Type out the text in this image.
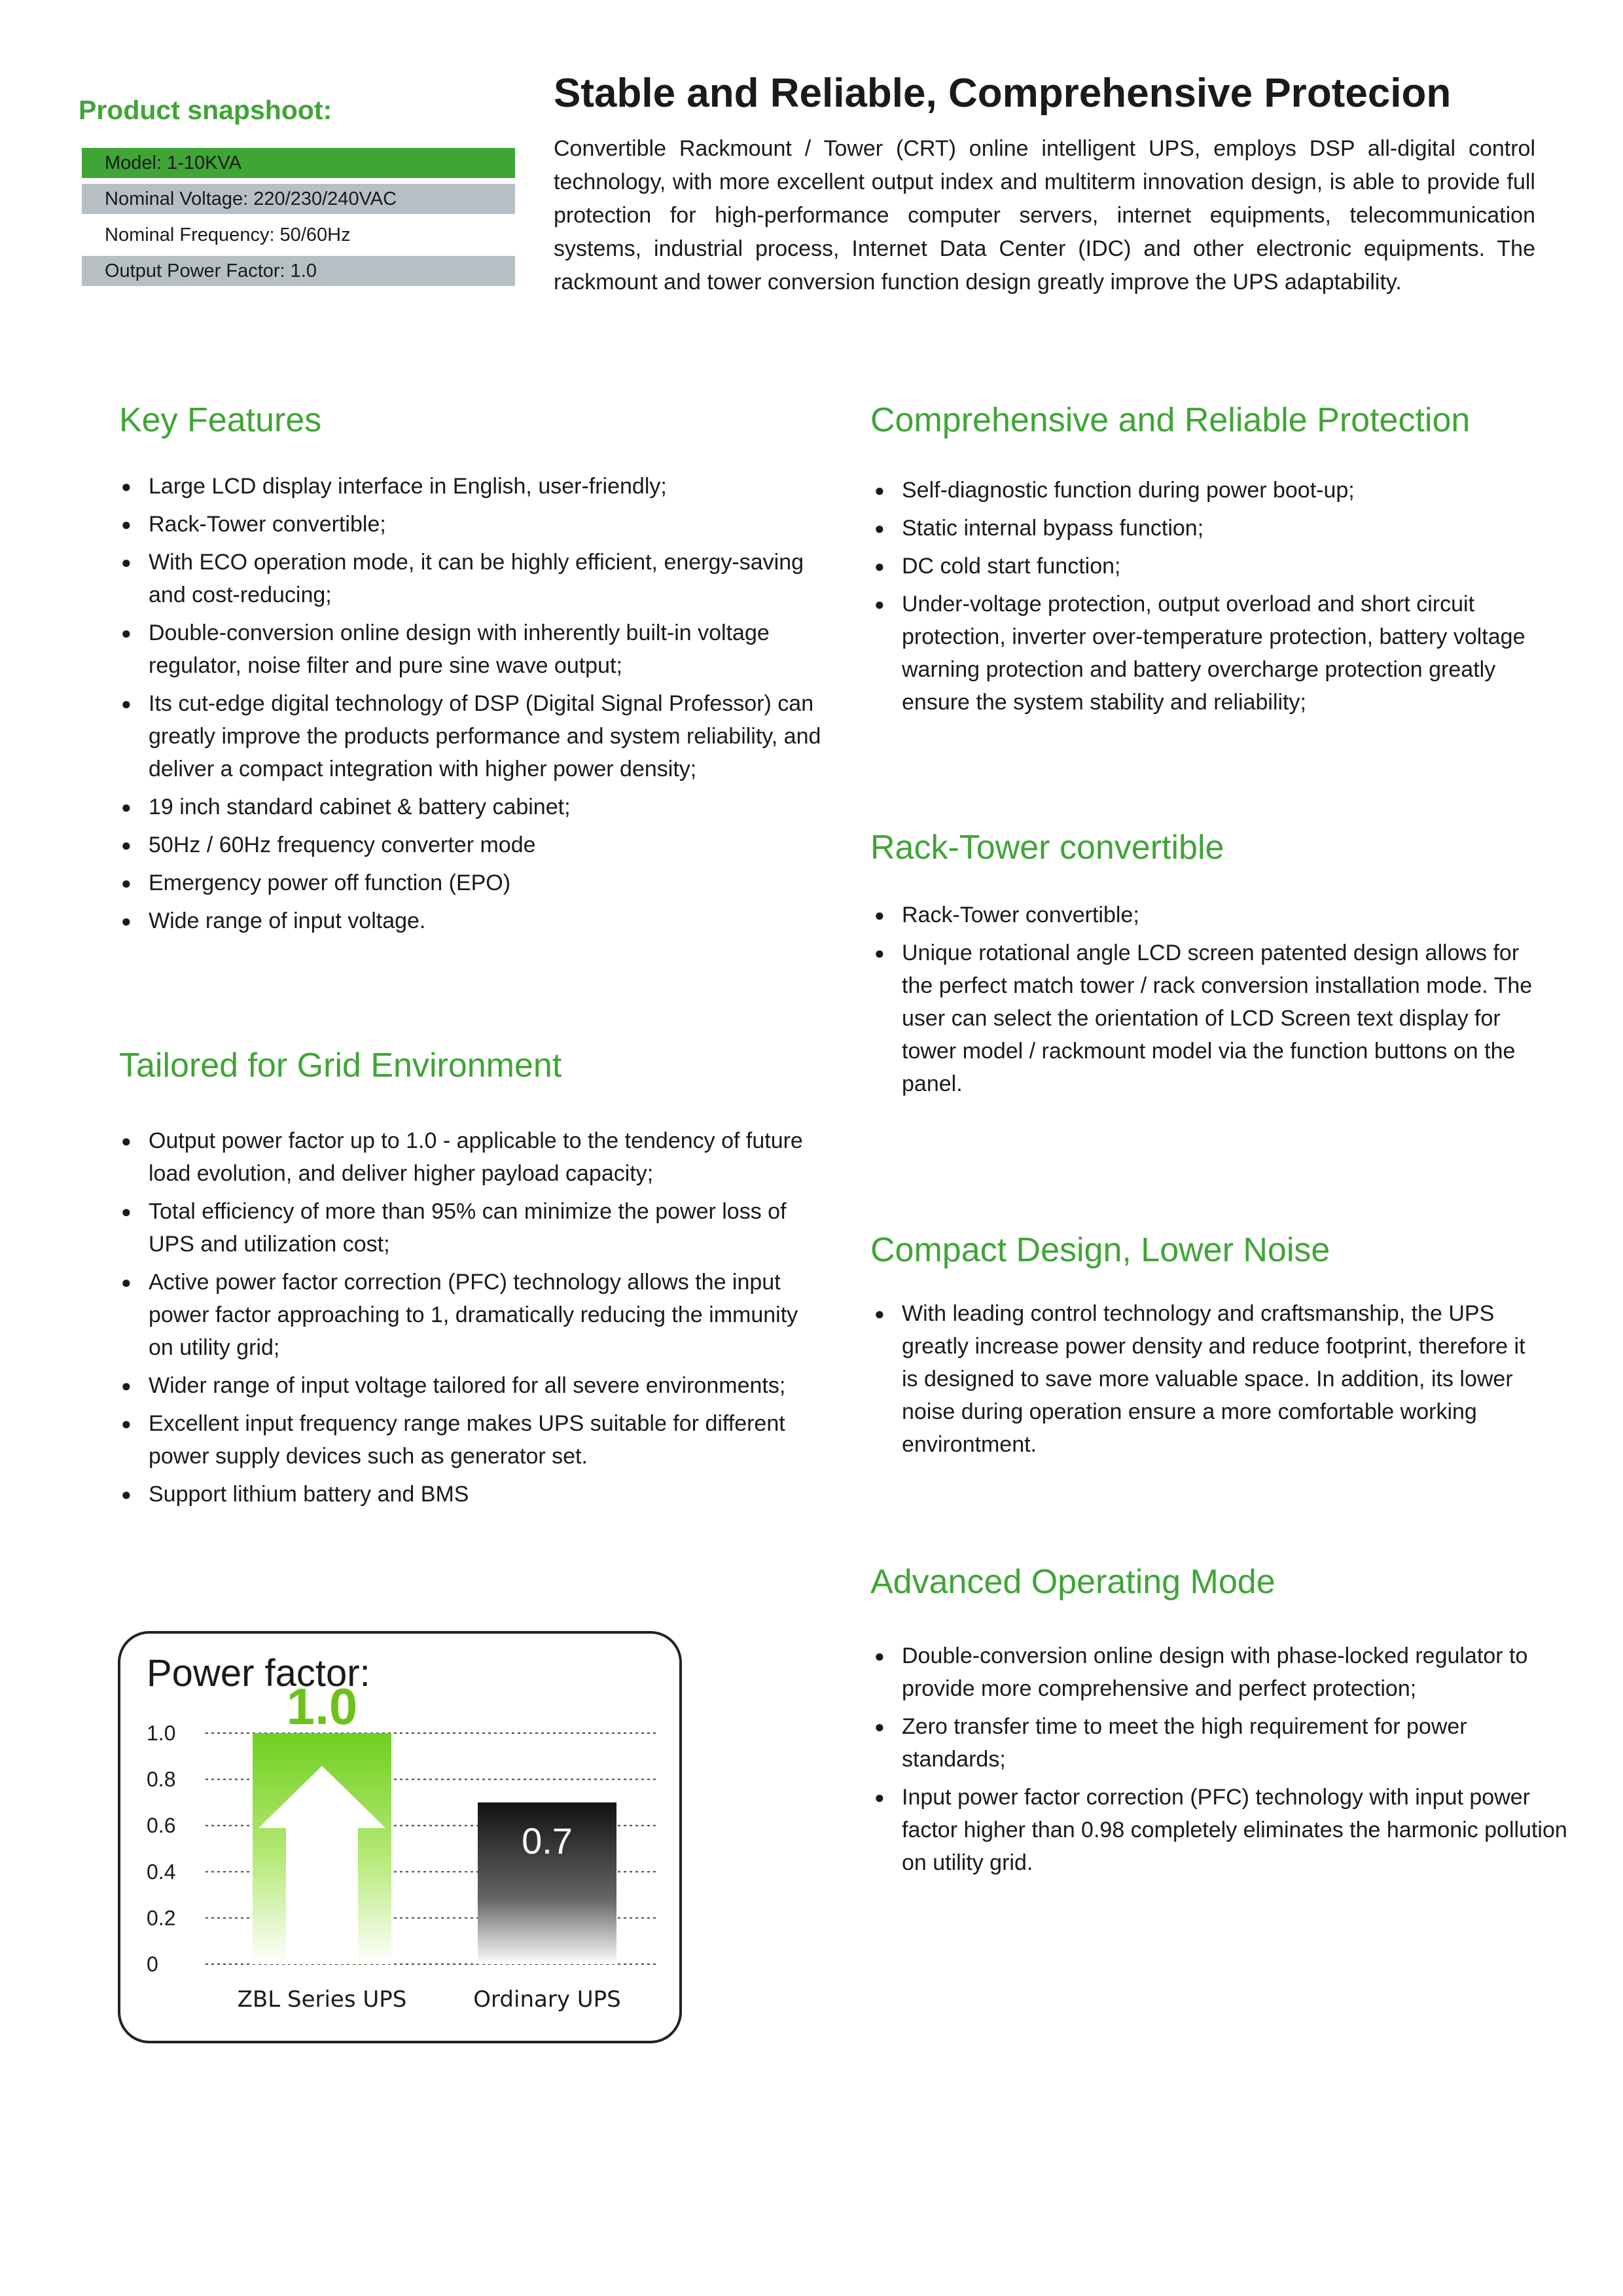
Product snapshoot:
Model: 1-10KVA
Nominal Voltage: 220/230/240VAC
Nominal Frequency: 50/60Hz
Output Power Factor: 1.0
Stable and Reliable, Comprehensive Protecion
Convertible Rackmount / Tower (CRT) online intelligent UPS, employs DSP all-digital control technology, with more excellent output index and multiterm innovation design, is able to provide full protection for high-performance computer servers, internet equipments, telecommunication systems, industrial process, Internet Data Center (IDC) and other electronic equipments. The rackmount and tower conversion function design greatly improve the UPS adaptability.
Key Features
● Large LCD display interface in English, user-friendly;
● Rack-Tower convertible;
● With ECO operation mode, it can be highly efficient, energy-saving and cost-reducing;
● Double-conversion online design with inherently built-in voltage regulator, noise filter and pure sine wave output;
● Its cut-edge digital technology of DSP (Digital Signal Professor) can greatly improve the products performance and system reliability, and deliver a compact integration with higher power density;
● 19 inch standard cabinet & battery cabinet;
● 50Hz / 60Hz frequency converter mode
● Emergency power off function (EPO)
● Wide range of input voltage.
Tailored for Grid Environment
● Output power factor up to 1.0 - applicable to the tendency of future load evolution, and deliver higher payload capacity;
● Total efficiency of more than 95% can minimize the power loss of UPS and utilization cost;
● Active power factor correction (PFC) technology allows the input power factor approaching to 1, dramatically reducing the immunity on utility grid;
● Wider range of input voltage tailored for all severe environments;
● Excellent input frequency range makes UPS suitable for different power supply devices such as generator set.
● Support lithium battery and BMS
Comprehensive and Reliable Protection
● Self-diagnostic function during power boot-up;
● Static internal bypass function;
● DC cold start function;
● Under-voltage protection, output overload and short circuit protection, inverter over-temperature protection, battery voltage warning protection and battery overcharge protection greatly ensure the system stability and reliability;
Rack-Tower convertible
● Rack-Tower convertible;
● Unique rotational angle LCD screen patented design allows for the perfect match tower / rack conversion installation mode. The user can select the orientation of LCD Screen text display for tower model / rackmount model via the function buttons on the panel.
Compact Design, Lower Noise
● With leading control technology and craftsmanship, the UPS greatly increase power density and reduce footprint, therefore it is designed to save more valuable space. In addition, its lower noise during operation ensure a more comfortable working environtment.
Advanced Operating Mode
● Double-conversion online design with phase-locked regulator to provide more comprehensive and perfect protection;
● Zero transfer time to meet the high requirement for power standards;
● Input power factor correction (PFC) technology with input power factor higher than 0.98 completely eliminates the harmonic pollution on utility grid.
Power factor:
0
0.2
0.4
0.6
0.8
1.0 1.0
0.7
ZBL Series UPS	Ordinary UPS
